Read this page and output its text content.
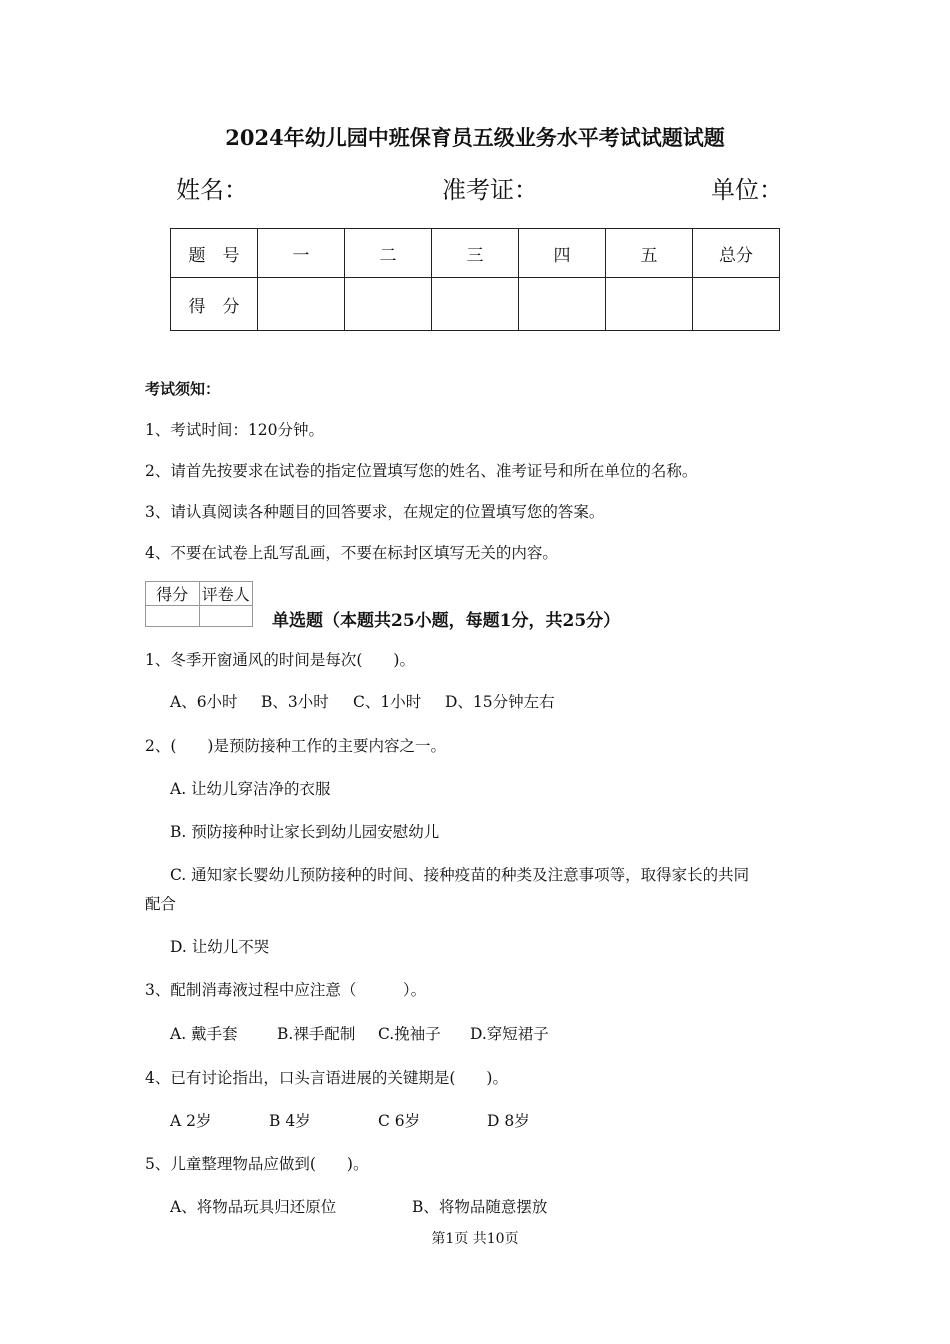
2024年幼儿园中班保育员五级业务水平考试试题试题
姓名：	准考证：	单位：
题　号	一	二	三	四	五	总分
得　分						
考试须知：
1、考试时间：120分钟。
2、请首先按要求在试卷的指定位置填写您的姓名、准考证号和所在单位的名称。
3、请认真阅读各种题目的回答要求，在规定的位置填写您的答案。
4、不要在试卷上乱写乱画，不要在标封区填写无关的内容。
得分	评卷人

单选题（本题共25小题，每题1分，共25分）
1、冬季开窗通风的时间是每次(　　)。
A、6小时 B、3小时 C、1小时 D、15分钟左右
2、(　　)是预防接种工作的主要内容之一。
A. 让幼儿穿洁净的衣服
B. 预防接种时让家长到幼儿园安慰幼儿
C. 通知家长婴幼儿预防接种的时间、接种疫苗的种类及注意事项等，取得家长的共同
配合
D. 让幼儿不哭
3、配制消毒液过程中应注意（　　　）。
A. 戴手套	B.裸手配制 C.挽袖子 D.穿短裙子
4、已有讨论指出，口头言语进展的关键期是(　　)。
A 2岁	B 4岁	C 6岁	D 8岁
5、儿童整理物品应做到(　　)。
A、将物品玩具归还原位	B、将物品随意摆放
第1页 共10页
